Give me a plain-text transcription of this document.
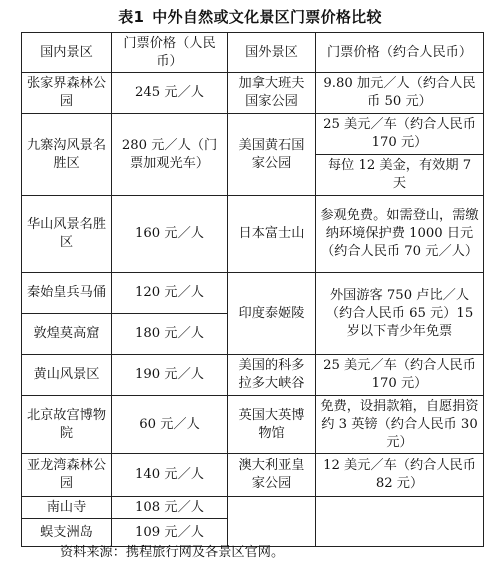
表1 中外自然或文化景区门票价格比较
国内景区	门票价格（人民币）	国外景区	门票价格（约合人民币）
张家界森林公园	245 元／人	加拿大班夫国家公园	9.80 加元／人（约合人民币 50 元）
九寨沟风景名胜区	280 元／人（门票加观光车）	美国黄石国家公园	25 美元／车（约合人民币 170 元）
			每位 12 美金，有效期 7 天
华山风景名胜区	160 元／人	日本富士山	参观免费。如需登山，需缴纳环境保护费 1000 日元（约合人民币 70 元／人）
秦始皇兵马俑	120 元／人	印度泰姬陵	外国游客 750 卢比／人（约合人民币 65 元）15 岁以下青少年免票
敦煌莫高窟	180 元／人		
黄山风景区	190 元／人	美国的科多拉多大峡谷	25 美元／车（约合人民币 170 元）
北京故宫博物院	60 元／人	英国大英博物馆	免费，设捐款箱，自愿捐资约 3 英镑（约合人民币 30 元）
亚龙湾森林公园	140 元／人	澳大利亚皇家公园	12 美元／车（约合人民币 82 元）
南山寺	108 元／人		
蜈支洲岛	109 元／人		
资料来源：携程旅行网及各景区官网。
